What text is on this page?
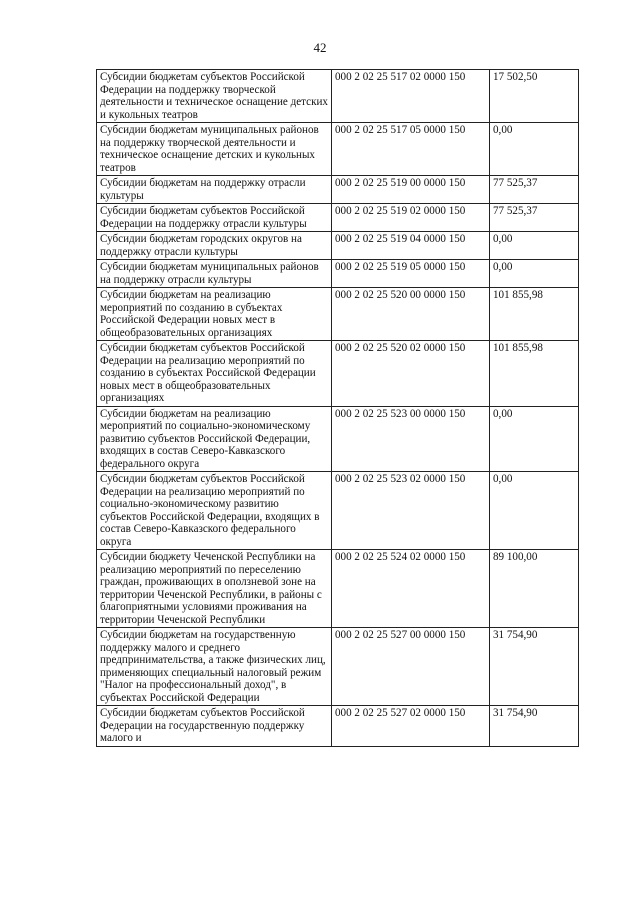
42
Субсидии бюджетам субъектов Российской Федерации на поддержку творческой деятельности и техническое оснащение детских и кукольных театров	000 2 02 25 517 02 0000 150	17 502,50
Субсидии бюджетам муниципальных районов на поддержку творческой деятельности и техническое оснащение детских и кукольных театров	000 2 02 25 517 05 0000 150	0,00
Субсидии бюджетам на поддержку отрасли культуры	000 2 02 25 519 00 0000 150	77 525,37
Субсидии бюджетам субъектов Российской Федерации на поддержку отрасли культуры	000 2 02 25 519 02 0000 150	77 525,37
Субсидии бюджетам городских округов на поддержку отрасли культуры	000 2 02 25 519 04 0000 150	0,00
Субсидии бюджетам муниципальных районов на поддержку отрасли культуры	000 2 02 25 519 05 0000 150	0,00
Субсидии бюджетам на реализацию мероприятий по созданию в субъектах Российской Федерации новых мест в общеобразовательных организациях	000 2 02 25 520 00 0000 150	101 855,98
Субсидии бюджетам субъектов Российской Федерации на реализацию мероприятий по созданию в субъектах Российской Федерации новых мест в общеобразовательных организациях	000 2 02 25 520 02 0000 150	101 855,98
Субсидии бюджетам на реализацию мероприятий по социально-экономическому развитию субъектов Российской Федерации, входящих в состав Северо-Кавказского федерального округа	000 2 02 25 523 00 0000 150	0,00
Субсидии бюджетам субъектов Российской Федерации на реализацию мероприятий по социально-экономическому развитию субъектов Российской Федерации, входящих в состав Северо-Кавказского федерального округа	000 2 02 25 523 02 0000 150	0,00
Субсидии бюджету Чеченской Республики на реализацию мероприятий по переселению граждан, проживающих в оползневой зоне на территории Чеченской Республики, в районы с благоприятными условиями проживания на территории Чеченской Республики	000 2 02 25 524 02 0000 150	89 100,00
Субсидии бюджетам на государственную поддержку малого и среднего предпринимательства, а также физических лиц, применяющих специальный налоговый режим "Налог на профессиональный доход", в субъектах Российской Федерации	000 2 02 25 527 00 0000 150	31 754,90
Субсидии бюджетам субъектов Российской Федерации на государственную поддержку малого и	000 2 02 25 527 02 0000 150	31 754,90
